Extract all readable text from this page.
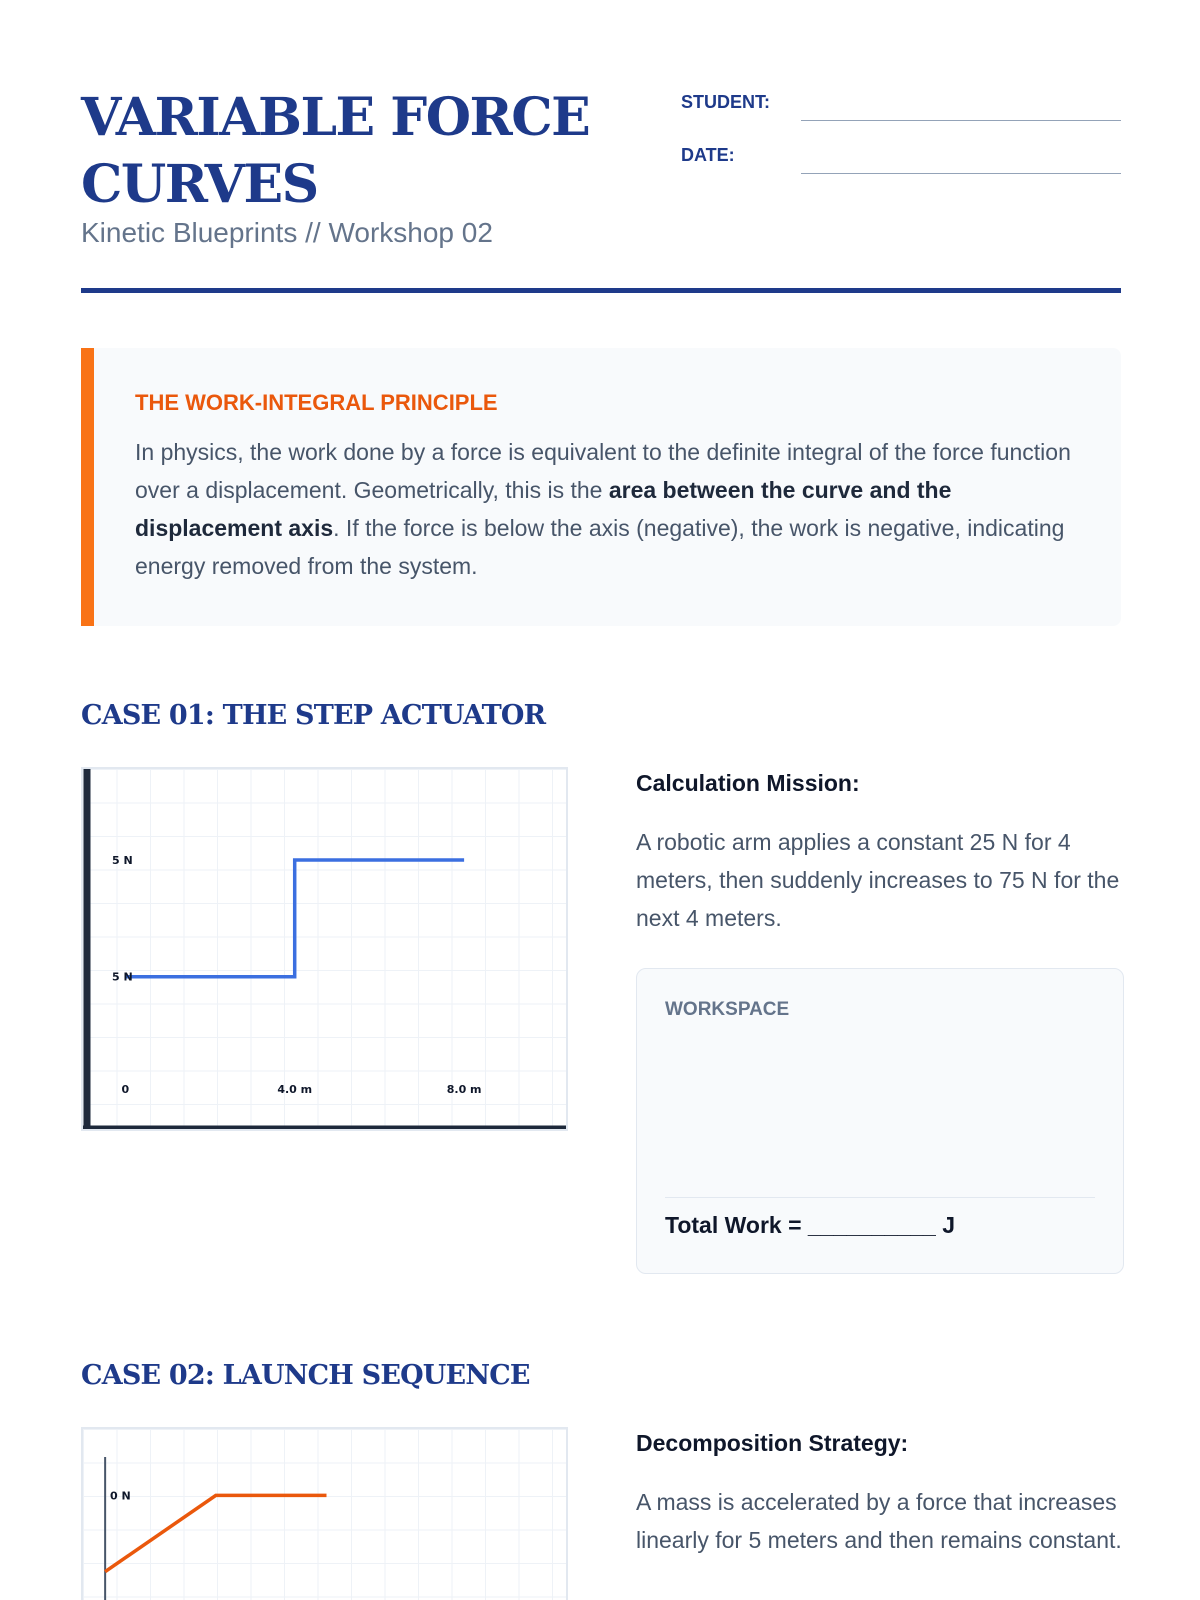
VARIABLE FORCE CURVES
Kinetic Blueprints // Workshop 02
STUDENT:
DATE:
THE WORK-INTEGRAL PRINCIPLE
In physics, the work done by a force is equivalent to the definite integral of the force function over a displacement. Geometrically, this is the area between the curve and the displacement axis. If the force is below the axis (negative), the work is negative, indicating energy removed from the system.
CASE 01: THE STEP ACTUATOR
5 N
5 N
0	4.0 m	8.0 m
Calculation Mission:
A robotic arm applies a constant 25 N for 4 meters, then suddenly increases to 75 N for the next 4 meters.
WORKSPACE
Total Work = __________ J
CASE 02: LAUNCH SEQUENCE
0 N
Decomposition Strategy:
A mass is accelerated by a force that increases linearly for 5 meters and then remains constant.
